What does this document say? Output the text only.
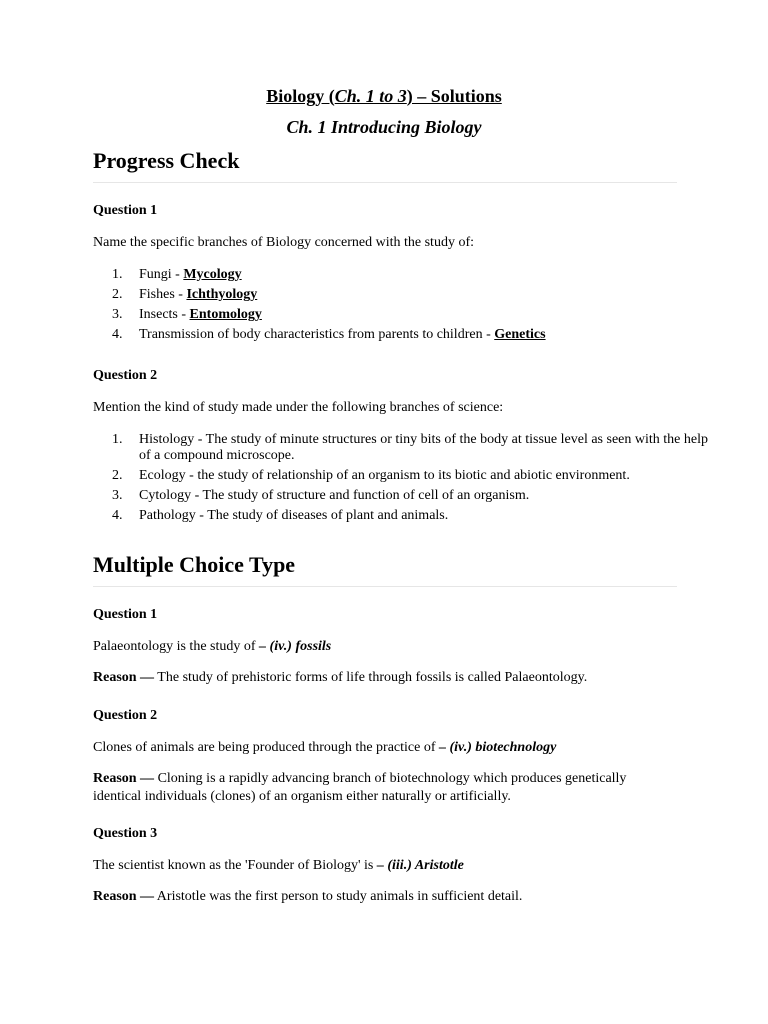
Biology (Ch. 1 to 3) – Solutions
Ch. 1 Introducing Biology
Progress Check
Question 1
Name the specific branches of Biology concerned with the study of:
1. Fungi - Mycology
2. Fishes - Ichthyology
3. Insects - Entomology
4. Transmission of body characteristics from parents to children - Genetics
Question 2
Mention the kind of study made under the following branches of science:
1. Histology - The study of minute structures or tiny bits of the body at tissue level as seen with the help of a compound microscope.
2. Ecology - the study of relationship of an organism to its biotic and abiotic environment.
3. Cytology - The study of structure and function of cell of an organism.
4. Pathology - The study of diseases of plant and animals.
Multiple Choice Type
Question 1
Palaeontology is the study of – (iv.) fossils
Reason — The study of prehistoric forms of life through fossils is called Palaeontology.
Question 2
Clones of animals are being produced through the practice of – (iv.) biotechnology
Reason — Cloning is a rapidly advancing branch of biotechnology which produces genetically identical individuals (clones) of an organism either naturally or artificially.
Question 3
The scientist known as the 'Founder of Biology' is – (iii.) Aristotle
Reason — Aristotle was the first person to study animals in sufficient detail.
